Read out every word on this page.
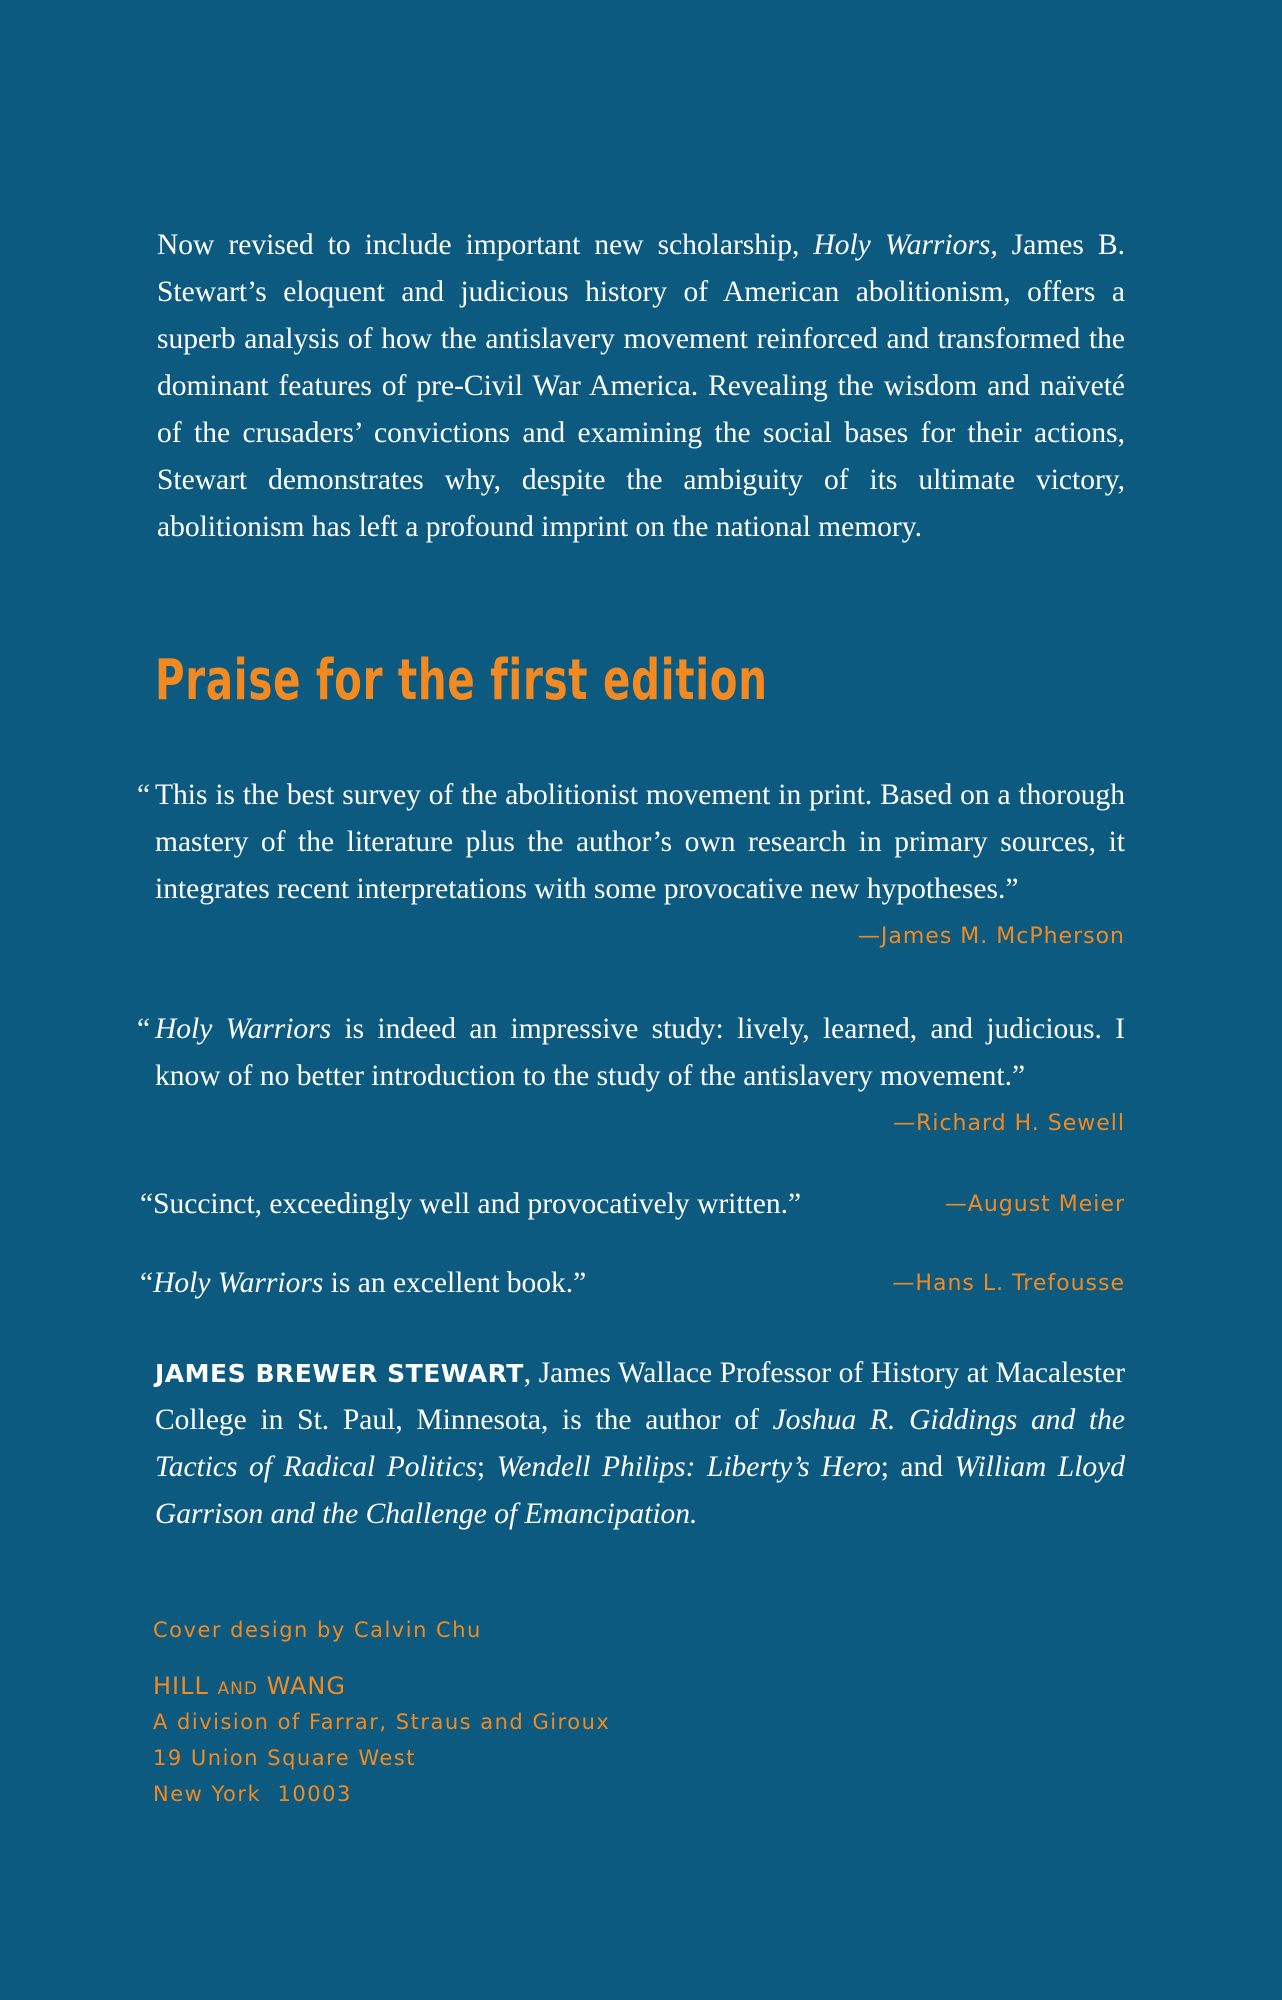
Now revised to include important new scholarship, Holy Warriors, James B. Stewart’s eloquent and judicious history of American abolitionism, offers a superb analysis of how the antislavery movement reinforced and transformed the dominant features of pre-Civil War America. Revealing the wisdom and naïveté of the crusaders’ convictions and examining the social bases for their actions, Stewart demonstrates why, despite the ambiguity of its ultimate victory, abolitionism has left a profound imprint on the national memory.

Praise for the first edition
“ This is the best survey of the abolitionist movement in print. Based on a thorough mastery of the literature plus the author’s own research in primary sources, it integrates recent interpretations with some provocative new hypotheses.”
—James M. McPherson
“ Holy Warriors is indeed an impressive study: lively, learned, and judicious. I know of no better introduction to the study of the antislavery movement.”
—Richard H. Sewell
“Succinct, exceedingly well and provocatively written.”	—August Meier
“Holy Warriors is an excellent book.”	—Hans L. Trefousse

JAMES BREWER STEWART, James Wallace Professor of History at Macalester College in St. Paul, Minnesota, is the author of Joshua R. Giddings and the Tactics of Radical Politics; Wendell Philips: Liberty’s Hero; and William Lloyd Garrison and the Challenge of Emancipation.

Cover design by Calvin Chu
HILL AND WANG
A division of Farrar, Straus and Giroux
19 Union Square West
New York  10003
